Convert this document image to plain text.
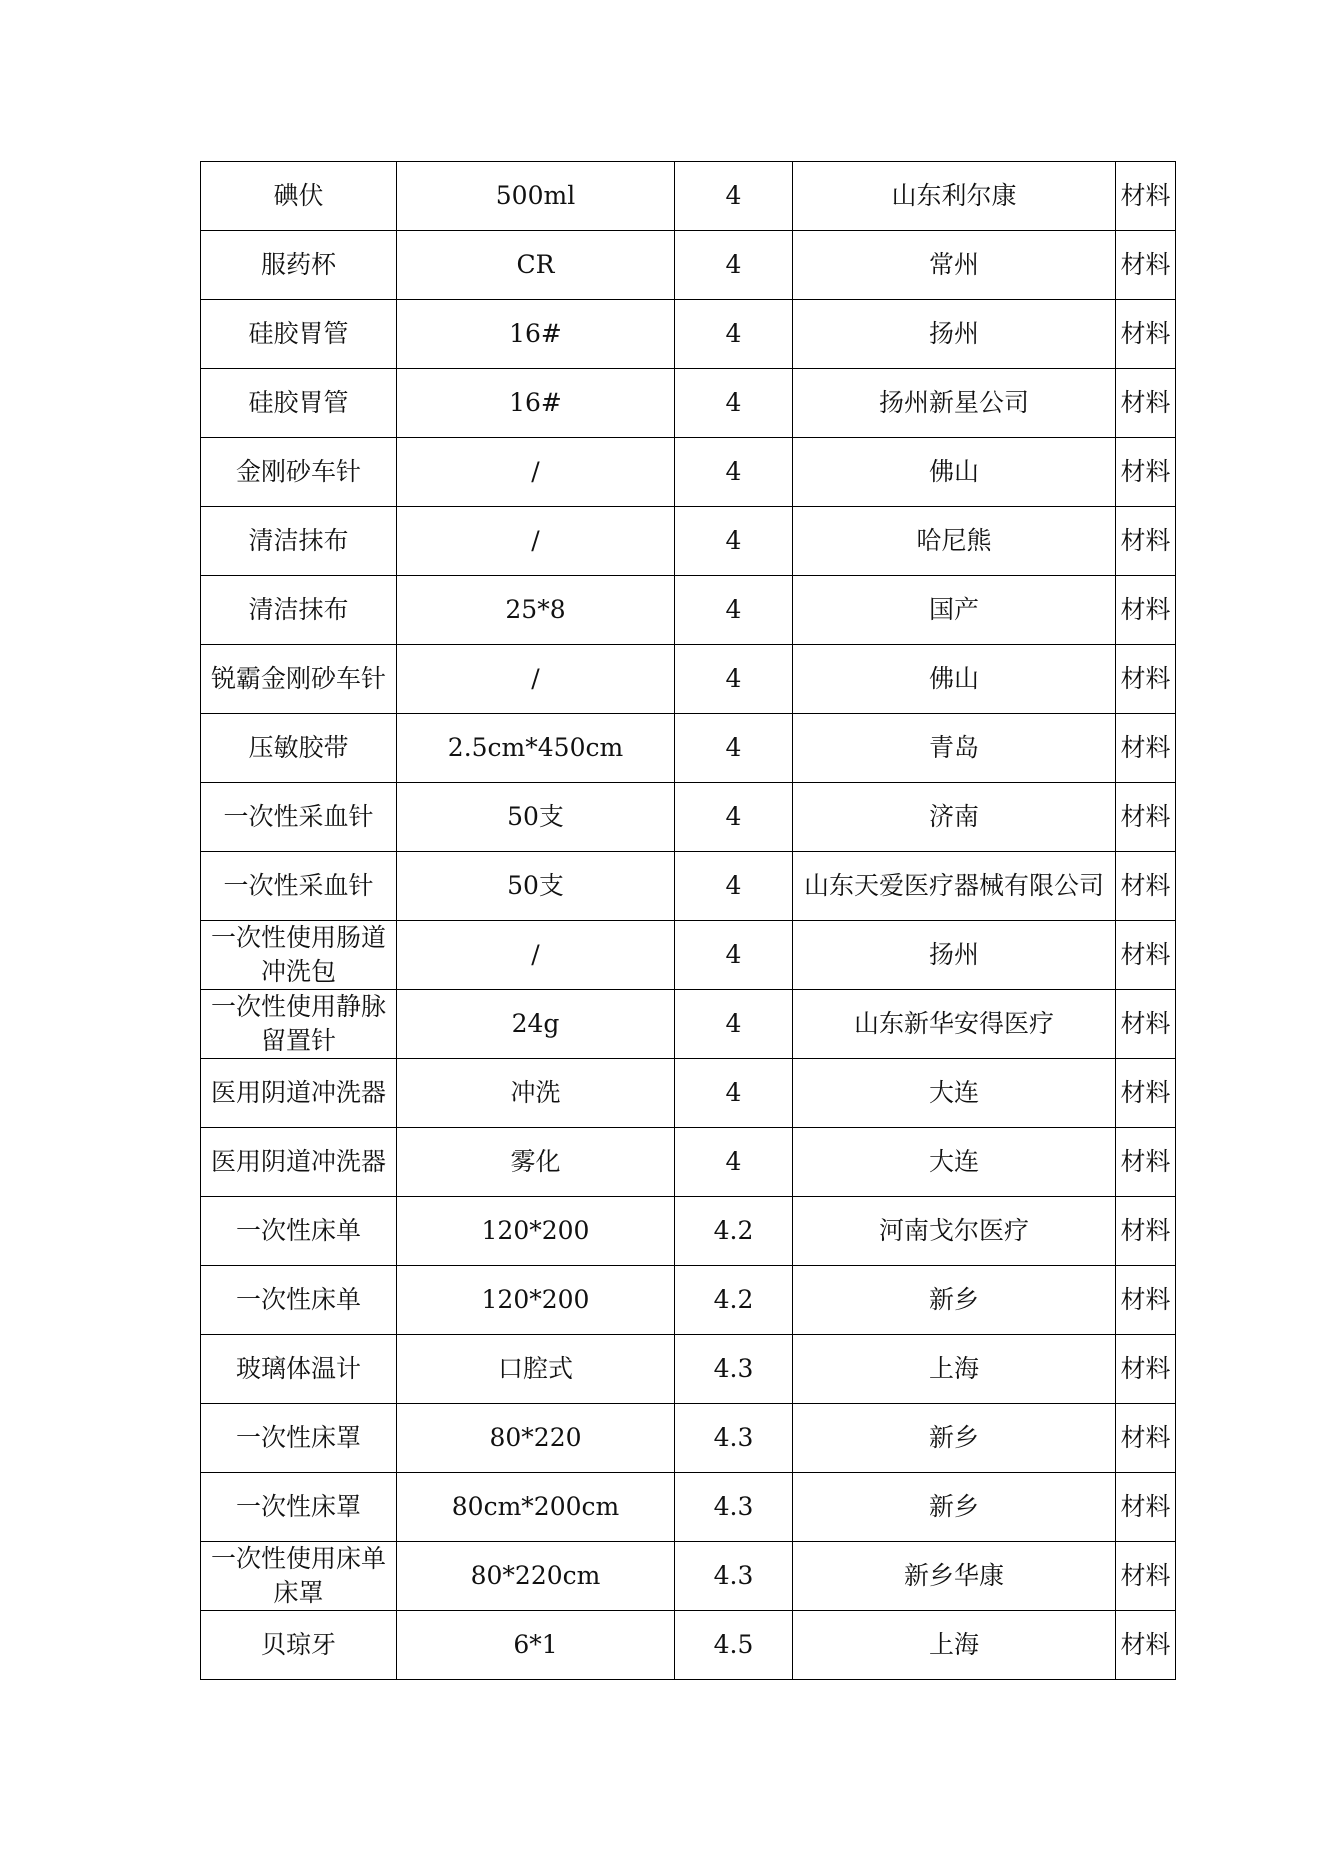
碘伏	500ml	4	山东利尔康	材料
服药杯	CR	4	常州	材料
硅胶胃管	16#	4	扬州	材料
硅胶胃管	16#	4	扬州新星公司	材料
金刚砂车针	/	4	佛山	材料
清洁抹布	/	4	哈尼熊	材料
清洁抹布	25*8	4	国产	材料
锐霸金刚砂车针	/	4	佛山	材料
压敏胶带	2.5cm*450cm	4	青岛	材料
一次性采血针	50支	4	济南	材料
一次性采血针	50支	4	山东天爱医疗器械有限公司	材料
一次性使用肠道冲洗包	/	4	扬州	材料
一次性使用静脉留置针	24g	4	山东新华安得医疗	材料
医用阴道冲洗器	冲洗	4	大连	材料
医用阴道冲洗器	雾化	4	大连	材料
一次性床单	120*200	4.2	河南戈尔医疗	材料
一次性床单	120*200	4.2	新乡	材料
玻璃体温计	口腔式	4.3	上海	材料
一次性床罩	80*220	4.3	新乡	材料
一次性床罩	80cm*200cm	4.3	新乡	材料
一次性使用床单床罩	80*220cm	4.3	新乡华康	材料
贝琼牙	6*1	4.5	上海	材料
